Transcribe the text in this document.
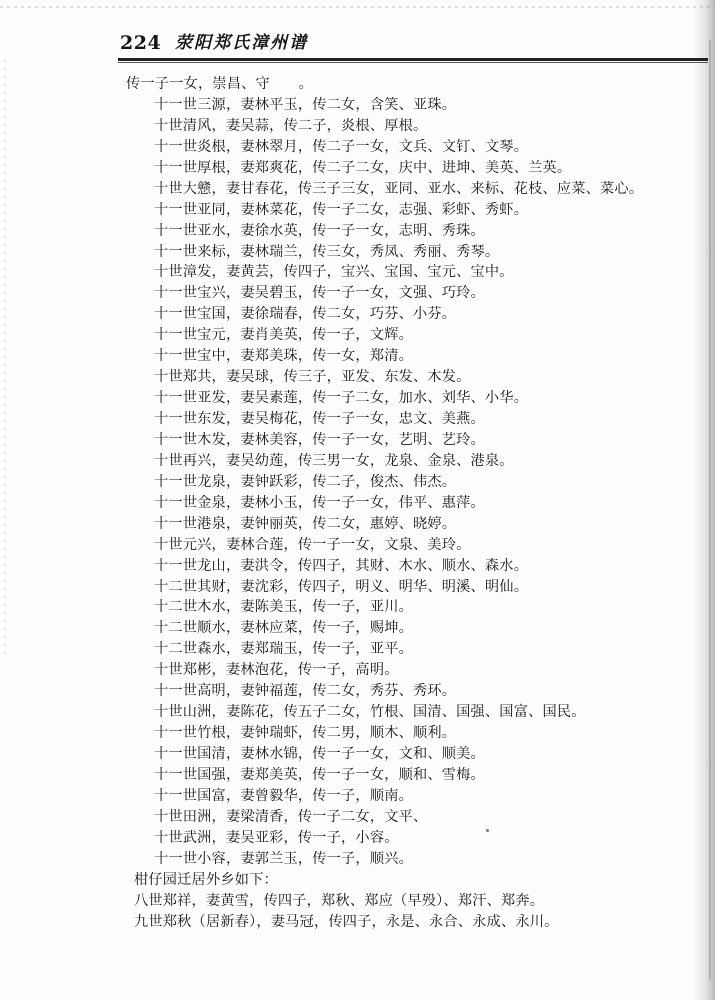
224 荥阳郑氏漳州谱
传一子一女，崇昌、守　　。
十一世三源，妻林平玉，传二女，含笑、亚珠。
十世清风，妻吴蒜，传二子，炎根、厚根。
十一世炎根，妻林翠月，传二子一女，文兵、文钉、文琴。
十一世厚根，妻郑爽花，传二子二女，庆中、进坤、美英、兰英。
十世大戆，妻甘春花，传三子三女，亚同、亚水、来标、花枝、应菜、菜心。
十一世亚同，妻林菜花，传一子二女，志强、彩虾、秀虾。
十一世亚水，妻徐水英，传一子一女，志明、秀珠。
十一世来标，妻林瑞兰，传三女，秀凤、秀丽、秀琴。
十世漳发，妻黄芸，传四子，宝兴、宝国、宝元、宝中。
十一世宝兴，妻吴碧玉，传一子一女，文强、巧玲。
十一世宝国，妻徐瑞春，传二女，巧芬、小芬。
十一世宝元，妻肖美英，传一子，文辉。
十一世宝中，妻郑美珠，传一女，郑清。
十世郑共，妻吴球，传三子，亚发、东发、木发。
十一世亚发，妻吴素莲，传一子二女，加水、刘华、小华。
十一世东发，妻吴梅花，传一子一女，忠文、美燕。
十一世木发，妻林美容，传一子一女，艺明、艺玲。
十世再兴，妻吴幼莲，传三男一女，龙泉、金泉、港泉。
十一世龙泉，妻钟跃彩，传二子，俊杰、伟杰。
十一世金泉，妻林小玉，传一子一女，伟平、惠萍。
十一世港泉，妻钟丽英，传二女，惠婷、晓婷。
十世元兴，妻林合莲，传一子一女，文泉、美玲。
十一世龙山，妻洪令，传四子，其财、木水、顺水、森水。
十二世其财，妻沈彩，传四子，明义、明华、明溪、明仙。
十二世木水，妻陈美玉，传一子，亚川。
十二世顺水，妻林应菜，传一子，赐坤。
十二世森水，妻郑瑞玉，传一子，亚平。
十世郑彬，妻林泡花，传一子，高明。
十一世高明，妻钟福莲，传二女，秀芬、秀环。
十世山洲，妻陈花，传五子二女，竹根、国清、国强、国富、国民。
十一世竹根，妻钟瑞虾，传二男，顺木、顺利。
十一世国清，妻林水锦，传一子一女，文和、顺美。
十一世国强，妻郑美英，传一子一女，顺和、雪梅。
十一世国富，妻曾毅华，传一子，顺南。
十世田洲，妻梁清香，传一子二女，文平、
十世武洲，妻吴亚彩，传一子，小容。
十一世小容，妻郭兰玉，传一子，顺兴。
柑仔园迁居外乡如下：
八世郑祥，妻黄雪，传四子，郑秋、郑应（早殁）、郑汗、郑奔。
九世郑秋（居新春），妻马冠，传四子，永是、永合、永成、永川。
